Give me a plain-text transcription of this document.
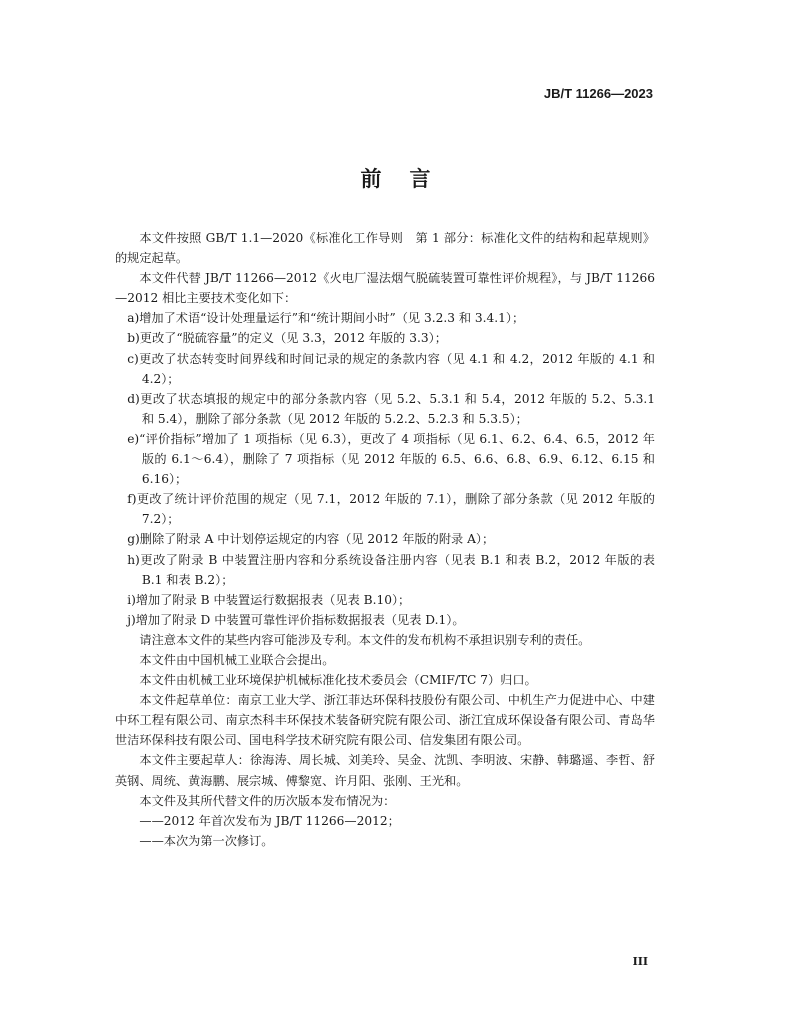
JB/T 11266—2023
前言

本文件按照 GB/T 1.1—2020《标准化工作导则　第 1 部分：标准化文件的结构和起草规则》的规定起草。

本文件代替 JB/T 11266—2012《火电厂湿法烟气脱硫装置可靠性评价规程》，与 JB/T 11266—2012 相比主要技术变化如下：

a)增加了术语“设计处理量运行”和“统计期间小时”（见 3.2.3 和 3.4.1）；

b)更改了“脱硫容量”的定义（见 3.3，2012 年版的 3.3）；

c)更改了状态转变时间界线和时间记录的规定的条款内容（见 4.1 和 4.2，2012 年版的 4.1 和 4.2）；

d)更改了状态填报的规定中的部分条款内容（见 5.2、5.3.1 和 5.4，2012 年版的 5.2、5.3.1 和 5.4），删除了部分条款（见 2012 年版的 5.2.2、5.2.3 和 5.3.5）；

e)“评价指标”增加了 1 项指标（见 6.3），更改了 4 项指标（见 6.1、6.2、6.4、6.5，2012 年版的 6.1～6.4），删除了 7 项指标（见 2012 年版的 6.5、6.6、6.8、6.9、6.12、6.15 和 6.16）；

f)更改了统计评价范围的规定（见 7.1，2012 年版的 7.1），删除了部分条款（见 2012 年版的 7.2）；

g)删除了附录 A 中计划停运规定的内容（见 2012 年版的附录 A）；

h)更改了附录 B 中装置注册内容和分系统设备注册内容（见表 B.1 和表 B.2，2012 年版的表 B.1 和表 B.2）；

i)增加了附录 B 中装置运行数据报表（见表 B.10）；

j)增加了附录 D 中装置可靠性评价指标数据报表（见表 D.1）。

请注意本文件的某些内容可能涉及专利。本文件的发布机构不承担识别专利的责任。

本文件由中国机械工业联合会提出。

本文件由机械工业环境保护机械标准化技术委员会（CMIF/TC 7）归口。

本文件起草单位：南京工业大学、浙江菲达环保科技股份有限公司、中机生产力促进中心、中建中环工程有限公司、南京杰科丰环保技术装备研究院有限公司、浙江宜成环保设备有限公司、青岛华世洁环保科技有限公司、国电科学技术研究院有限公司、信发集团有限公司。

本文件主要起草人：徐海涛、周长城、刘美玲、吴金、沈凯、李明波、宋静、韩璐遥、李哲、舒英钢、周统、黄海鹏、展宗城、傅黎宽、许月阳、张刚、王光和。

本文件及其所代替文件的历次版本发布情况为：

——2012 年首次发布为 JB/T 11266—2012；

——本次为第一次修订。

III
